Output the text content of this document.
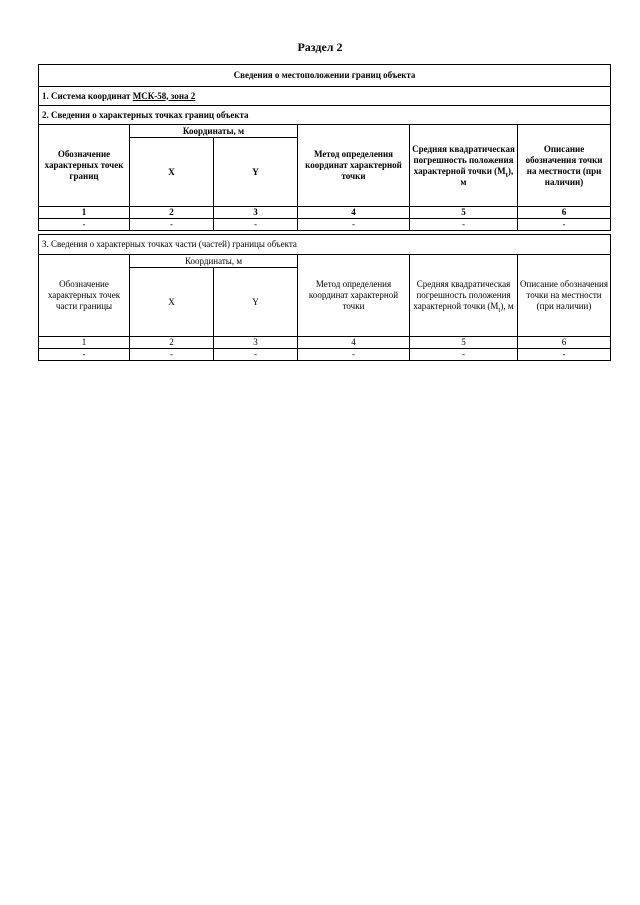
Раздел 2
Сведения о местоположении границ объекта					
1. Система координат МСК-58, зона 2					
2. Сведения о характерных точках границ объекта					
Обозначение характерных точек границ	Координаты, м		Метод определения координат характерной точки	Средняя квадратическая погрешность положения характерной точки $(M_t)$, м	Описание обозначения точки на местности (при наличии)
	X	Y			
1	2	3	4	5	6
-	-	-	-	-	-
3. Сведения о характерных точках части (частей) границы объекта					
Обозначение характерных точек части границы	Координаты, м		Метод определения координат характерной точки	Средняя квадратическая погрешность положения характерной точки $(M_t)$, м	Описание обозначения точки на местности (при наличии)
	X	Y			
1	2	3	4	5	6
-	-	-	-	-	-
